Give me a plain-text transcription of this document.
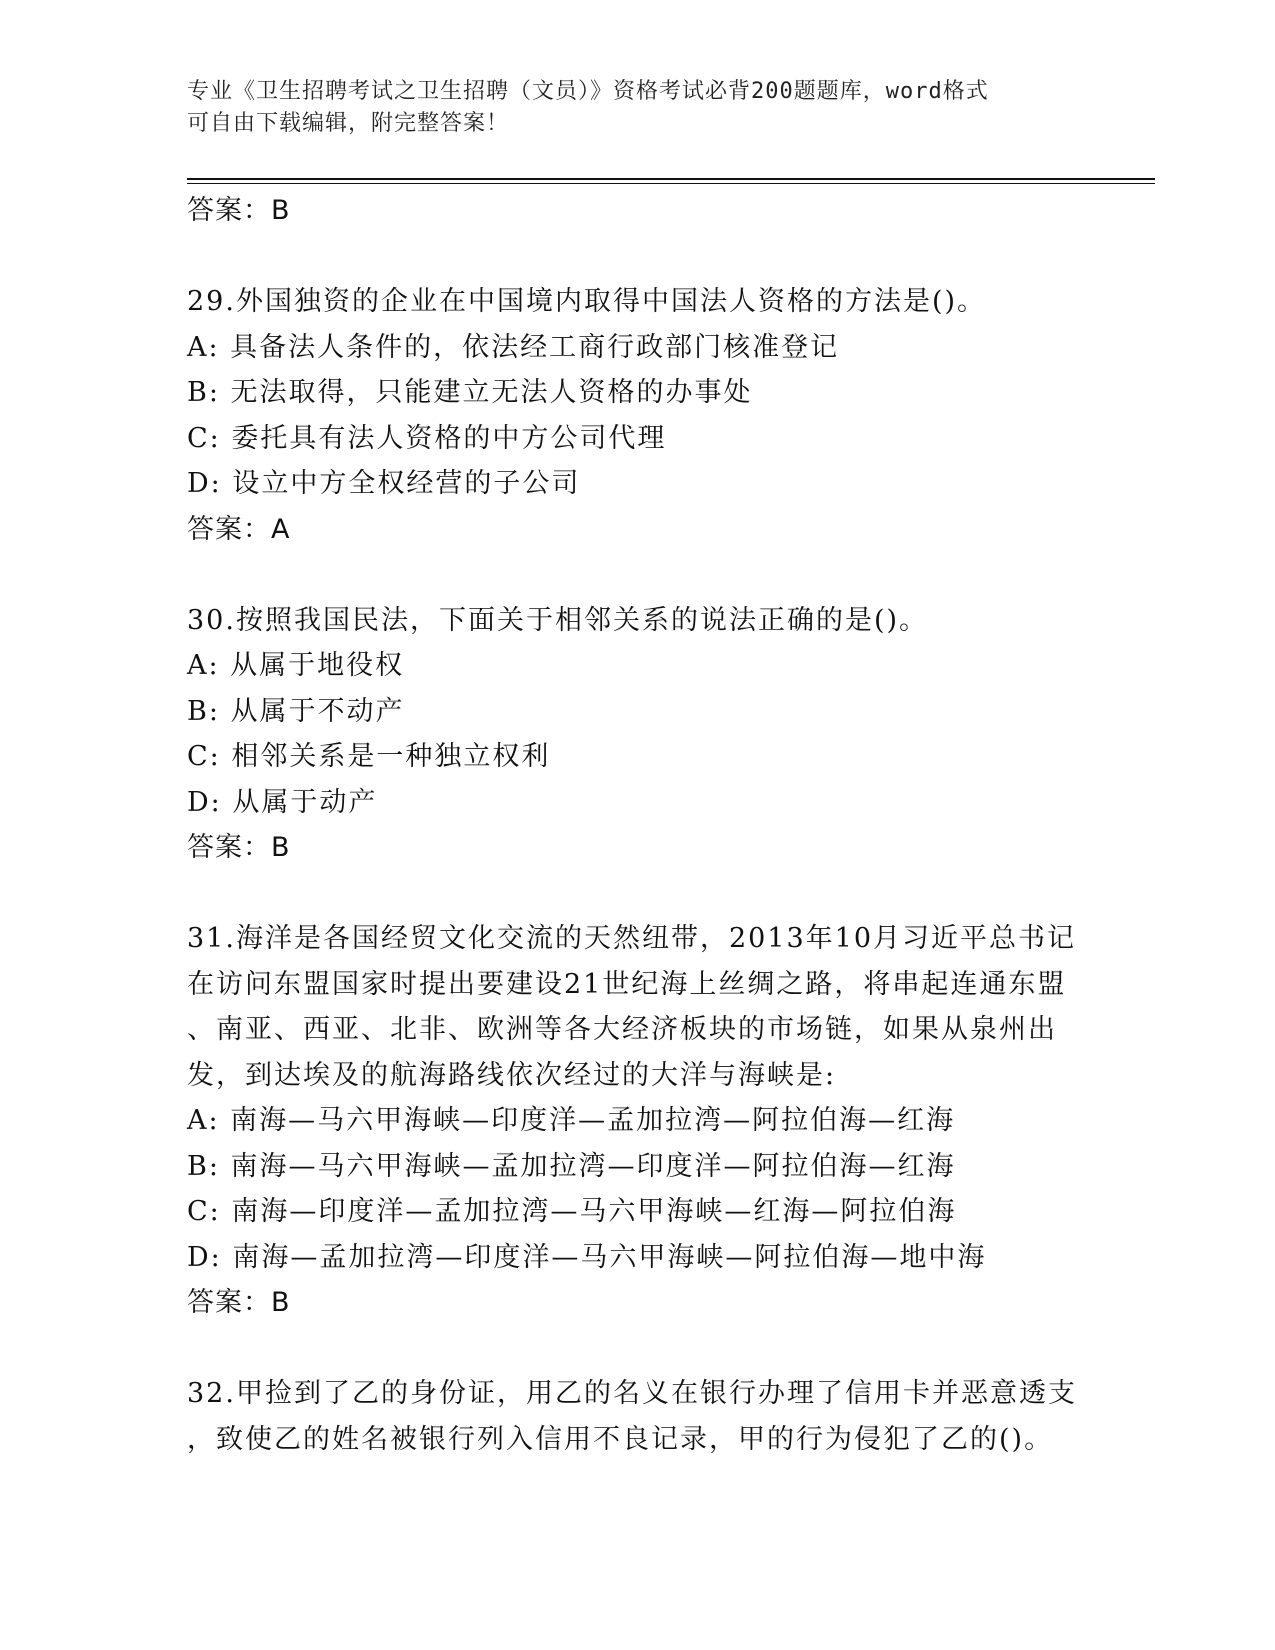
专业《卫生招聘考试之卫生招聘（文员）》资格考试必背200题题库，word格式
可自由下载编辑，附完整答案！
答案：B
29.外国独资的企业在中国境内取得中国法人资格的方法是()。
A: 具备法人条件的，依法经工商行政部门核准登记
B: 无法取得，只能建立无法人资格的办事处
C: 委托具有法人资格的中方公司代理
D: 设立中方全权经营的子公司
答案：A
30.按照我国民法，下面关于相邻关系的说法正确的是()。
A: 从属于地役权
B: 从属于不动产
C: 相邻关系是一种独立权利
D: 从属于动产
答案：B
31.海洋是各国经贸文化交流的天然纽带，2013年10月习近平总书记
在访问东盟国家时提出要建设21世纪海上丝绸之路，将串起连通东盟
、南亚、西亚、北非、欧洲等各大经济板块的市场链，如果从泉州出
发，到达埃及的航海路线依次经过的大洋与海峡是:
A: 南海—马六甲海峡—印度洋—孟加拉湾—阿拉伯海—红海
B: 南海—马六甲海峡—孟加拉湾—印度洋—阿拉伯海—红海
C: 南海—印度洋—孟加拉湾—马六甲海峡—红海—阿拉伯海
D: 南海—孟加拉湾—印度洋—马六甲海峡—阿拉伯海—地中海
答案：B
32.甲捡到了乙的身份证，用乙的名义在银行办理了信用卡并恶意透支
，致使乙的姓名被银行列入信用不良记录，甲的行为侵犯了乙的()。
